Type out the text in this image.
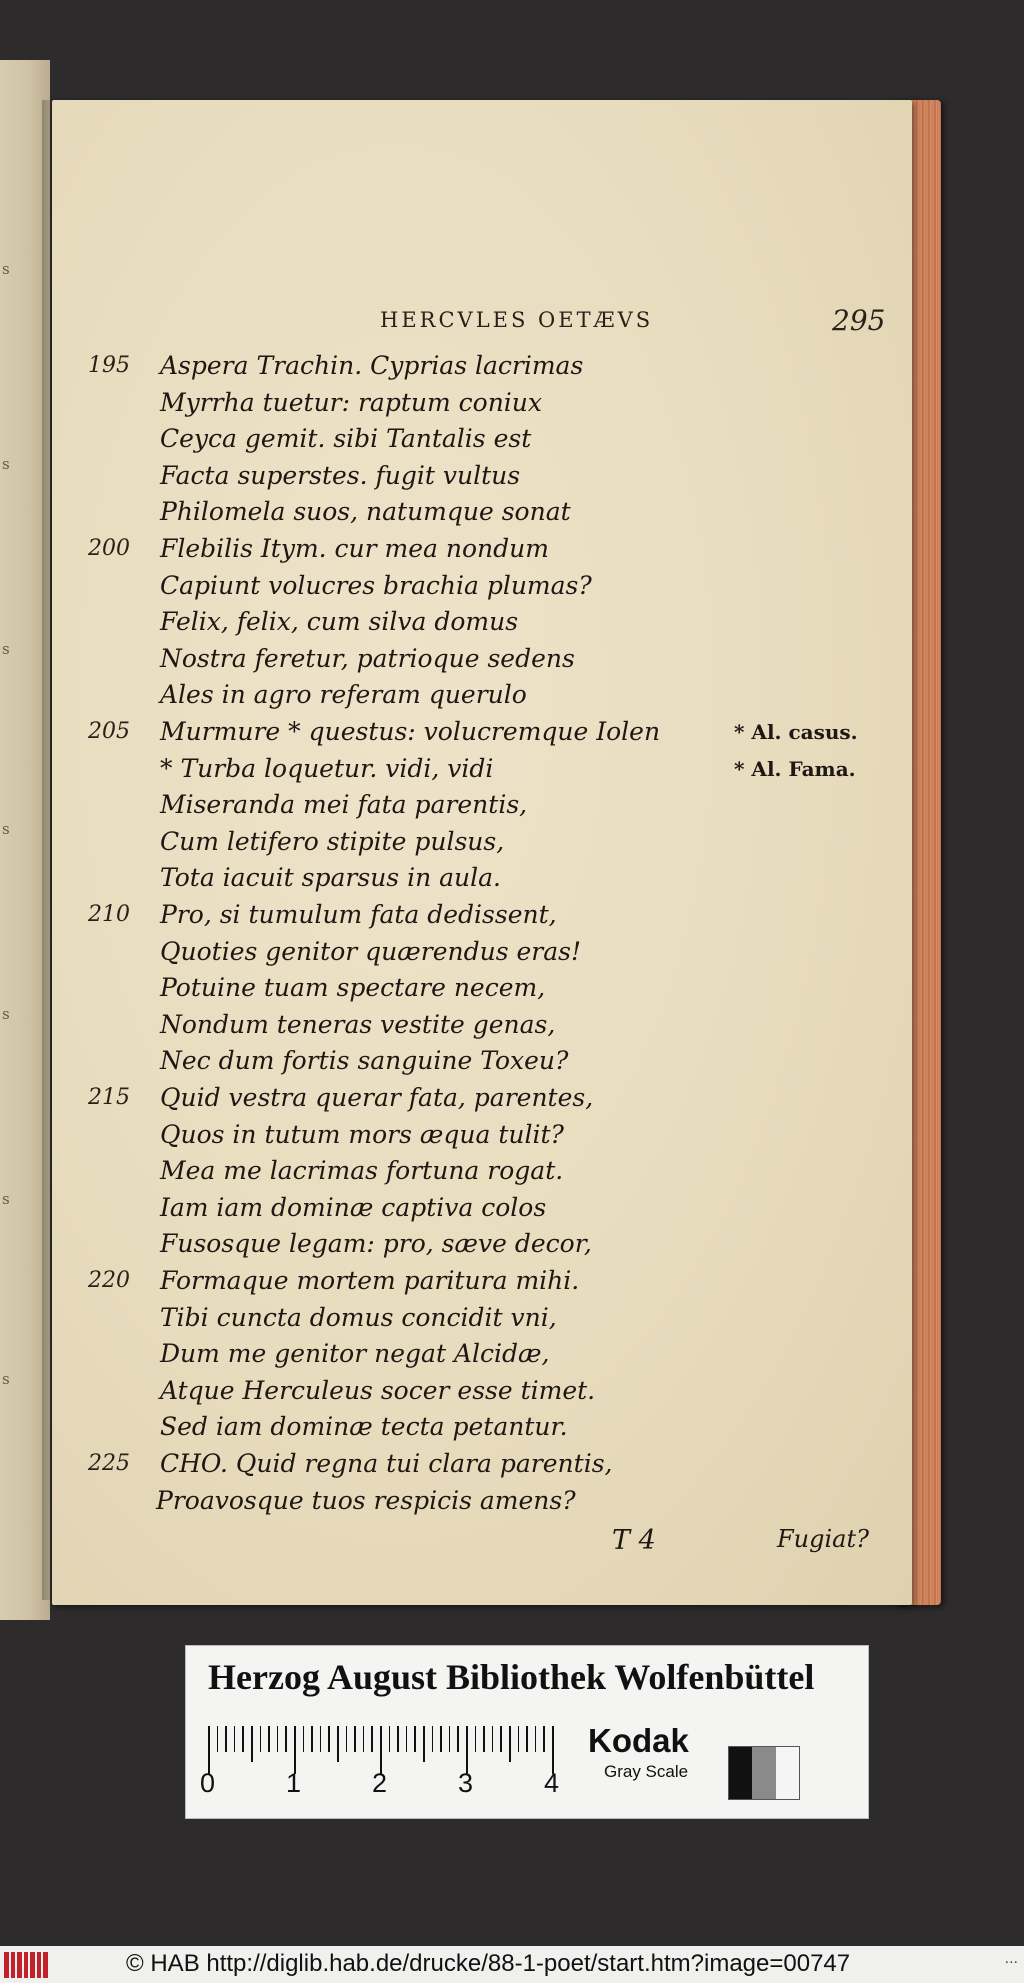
s
s
s
s
s
s
s
HERCVLES OETÆVS	295
195 Aspera Trachin. Cyprias lacrimas
Myrrha tuetur: raptum coniux
Ceyca gemit. sibi Tantalis est
Facta superstes. fugit vultus
Philomela suos, natumque sonat
200 Flebilis Itym. cur mea nondum
Capiunt volucres brachia plumas?
Felix, felix, cum silva domus
Nostra feretur, patrioque sedens
Ales in agro referam querulo
205 Murmure * questus: volucremque Iolen
* Turba loquetur. vidi, vidi
Miseranda mei fata parentis,
Cum letifero stipite pulsus,
Tota iacuit sparsus in aula.
210 Pro, si tumulum fata dedissent,
Quoties genitor quærendus eras!
Potuine tuam spectare necem,
Nondum teneras vestite genas,
Nec dum fortis sanguine Toxeu?
215 Quid vestra querar fata, parentes,
Quos in tutum mors æqua tulit?
Mea me lacrimas fortuna rogat.
Iam iam dominæ captiva colos
Fusosque legam: pro, sæve decor,
220 Formaque mortem paritura mihi.
Tibi cuncta domus concidit vni,
Dum me genitor negat Alcidæ,
Atque Herculeus socer esse timet.
Sed iam dominæ tecta petantur.
225 CHO. Quid regna tui clara parentis,
Proavosque tuos respicis amens?
* Al. casus.
* Al. Fama.
T 4	Fugiat?
Herzog August Bibliothek Wolfenbüttel
Kodak
Gray Scale
0	1	2	3	4
© HAB http://diglib.hab.de/drucke/88-1-poet/start.htm?image=00747	...
